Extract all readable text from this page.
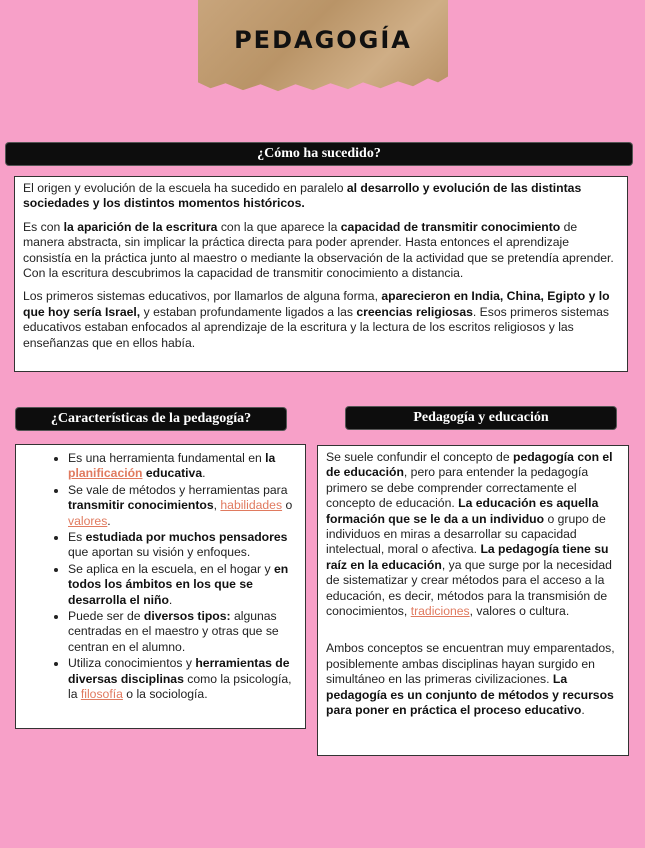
PEDAGOGÍA
¿Cómo ha sucedido?

El origen y evolución de la escuela ha sucedido en paralelo al desarrollo y evolución de las distintas sociedades y los distintos momentos históricos.

Es con la aparición de la escritura con la que aparece la capacidad de transmitir conocimiento de manera abstracta, sin implicar la práctica directa para poder aprender. Hasta entonces el aprendizaje consistía en la práctica junto al maestro o mediante la observación de la actividad que se pretendía aprender. Con la escritura descubrimos la capacidad de transmitir conocimiento a distancia.

Los primeros sistemas educativos, por llamarlos de alguna forma, aparecieron en India, China, Egipto y lo que hoy sería Israel, y estaban profundamente ligados a las creencias religiosas. Esos primeros sistemas educativos estaban enfocados al aprendizaje de la escritura y la lectura de los escritos religiosos y las enseñanzas que en ellos había.

¿Características de la pedagogía?	Pedagogía y educación
• Es una herramienta fundamental en la planificación educativa.
• Se vale de métodos y herramientas para transmitir conocimientos, habilidades o valores.
• Es estudiada por muchos pensadores que aportan su visión y enfoques.
• Se aplica en la escuela, en el hogar y en todos los ámbitos en los que se desarrolla el niño.
• Puede ser de diversos tipos: algunas centradas en el maestro y otras que se centran en el alumno.
• Utiliza conocimientos y herramientas de diversas disciplinas como la psicología, la filosofía o la sociología.

Se suele confundir el concepto de pedagogía con el de educación, pero para entender la pedagogía primero se debe comprender correctamente el concepto de educación. La educación es aquella formación que se le da a un individuo o grupo de individuos en miras a desarrollar su capacidad intelectual, moral o afectiva. La pedagogía tiene su raíz en la educación, ya que surge por la necesidad de sistematizar y crear métodos para el acceso a la educación, es decir, métodos para la transmisión de conocimientos, tradiciones, valores o cultura.

Ambos conceptos se encuentran muy emparentados, posiblemente ambas disciplinas hayan surgido en simultáneo en las primeras civilizaciones. La pedagogía es un conjunto de métodos y recursos para poner en práctica el proceso educativo.
